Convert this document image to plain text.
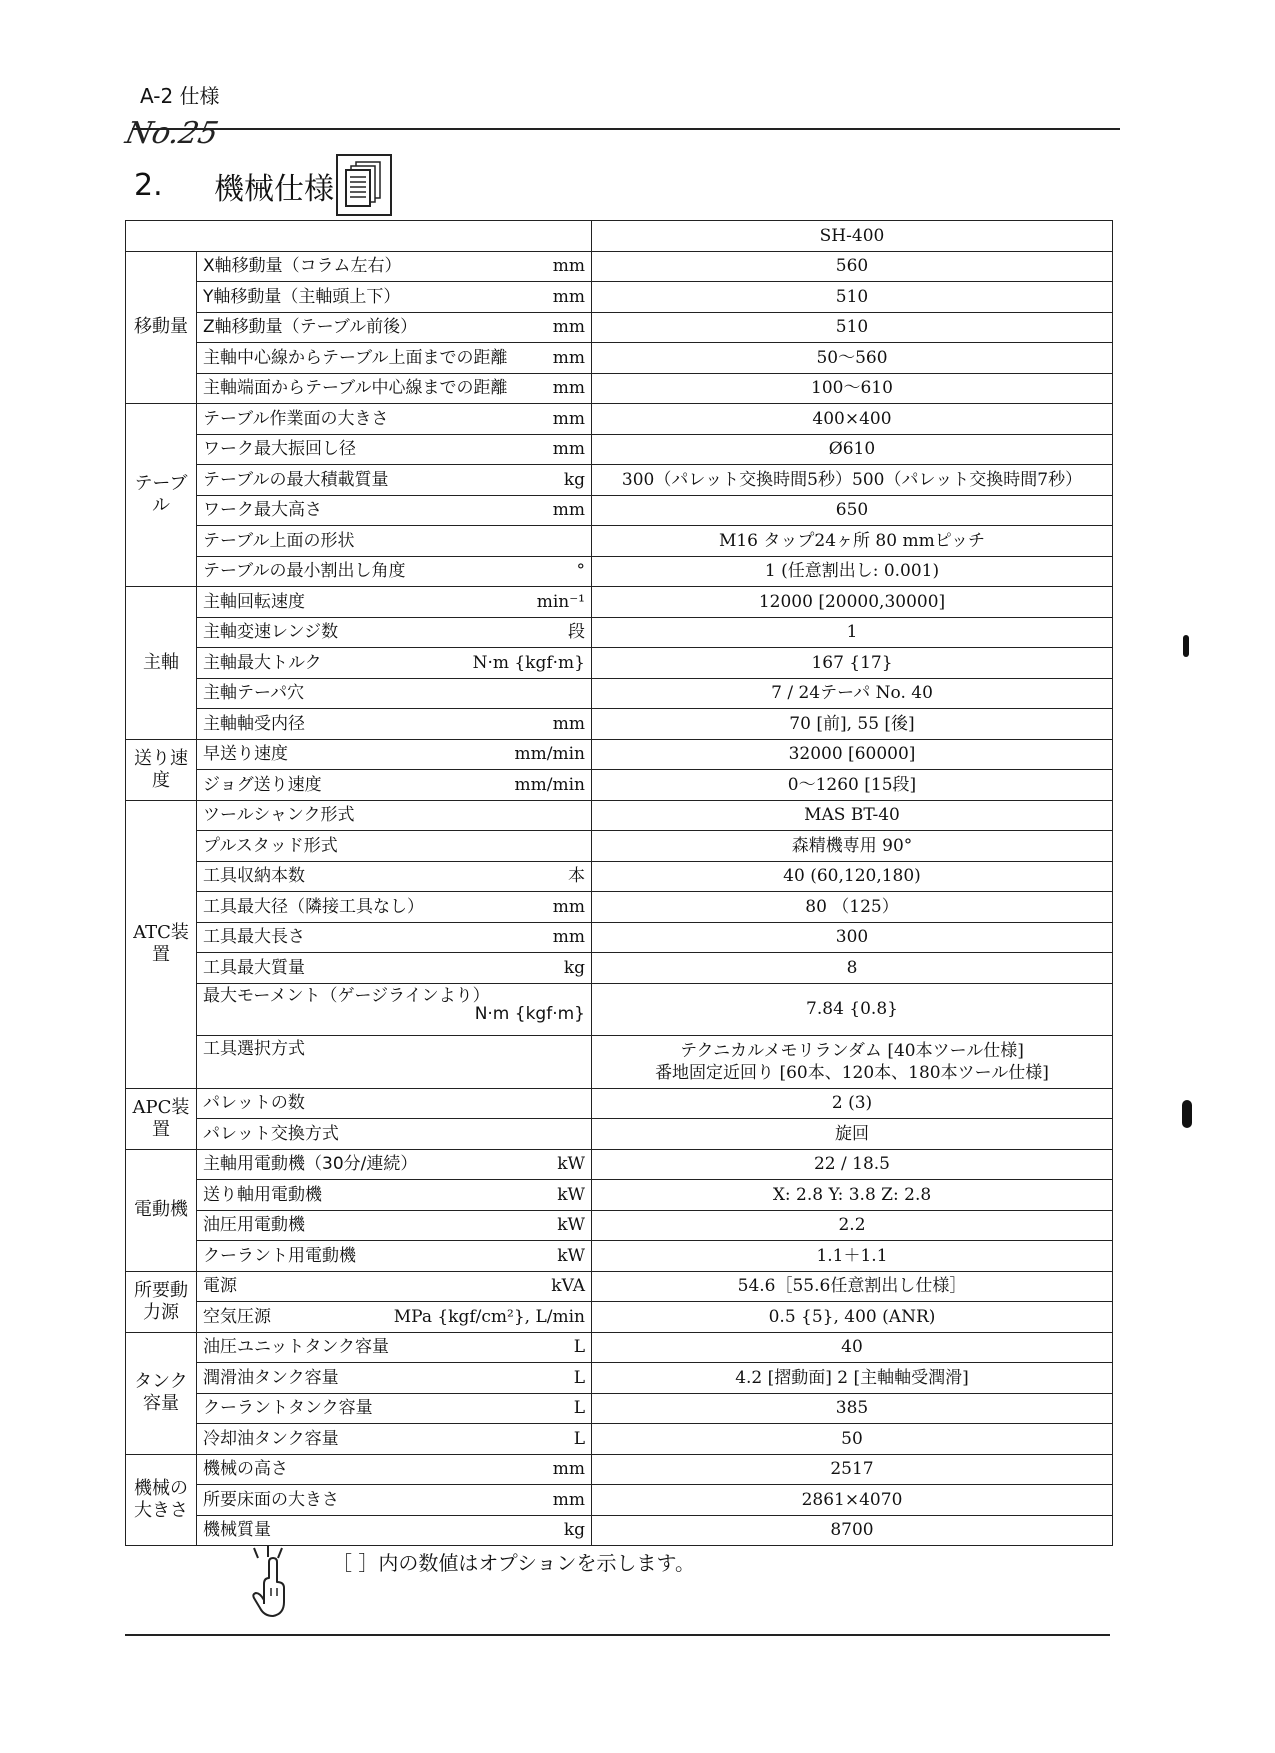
A-2 仕様
No.25
2. 機械仕様
		SH-400
移動量	X軸移動量（コラム左右） mm	560

	Y軸移動量（主軸頭上下） mm	510

	Z軸移動量（テーブル前後） mm	510

	主軸中心線からテーブル上面までの距離 mm	50～560

	主軸端面からテーブル中心線までの距離 mm	100～610
テーブル	テーブル作業面の大きさ mm	400×400

	ワーク最大振回し径 mm	Ø610

	テーブルの最大積載質量 kg	300（パレット交換時間5秒）500（パレット交換時間7秒）

	ワーク最大高さ mm	650

	テーブル上面の形状	M16 タップ24ヶ所 80 mmピッチ

	テーブルの最小割出し角度 °	1 (任意割出し: 0.001)
主軸	主軸回転速度 min⁻¹	12000 [20000,30000]

	主軸変速レンジ数 段	1

	主軸最大トルク N·m {kgf·m}	167 {17}

	主軸テーパ穴	7 / 24テーパ No. 40

	主軸軸受内径 mm	70 [前], 55 [後]
送り速度	早送り速度 mm/min	32000 [60000]

	ジョグ送り速度 mm/min	0～1260 [15段]
ATC装置	ツールシャンク形式	MAS BT-40

	プルスタッド形式	森精機専用 90°

	工具収納本数 本	40 (60,120,180)

	工具最大径（隣接工具なし） mm	80 （125）

	工具最大長さ mm	300

	工具最大質量 kg	8

	最大モーメント（ゲージラインより）
N·m {kgf·m}	7.84 {0.8}

	工具選択方式	テクニカルメモリランダム [40本ツール仕様]
番地固定近回り [60本、120本、180本ツール仕様]

APC装置	パレットの数	2 (3)

	パレット交換方式	旋回
電動機	主軸用電動機（30分/連続） kW	22 / 18.5

	送り軸用電動機 kW	X: 2.8 Y: 3.8 Z: 2.8

	油圧用電動機 kW	2.2

	クーラント用電動機 kW	1.1＋1.1
所要動力源	電源 kVA	54.6［55.6任意割出し仕様］

	空気圧源 MPa {kgf/cm²}, L/min	0.5 {5}, 400 (ANR)
タンク容量	油圧ユニットタンク容量 L	40

	潤滑油タンク容量 L	4.2 [摺動面] 2 [主軸軸受潤滑]

	クーラントタンク容量 L	385

	冷却油タンク容量 L	50
機械の大きさ	機械の高さ mm	2517

	所要床面の大きさ mm	2861×4070

	機械質量 kg	8700
［ ］内の数値はオプションを示します。
